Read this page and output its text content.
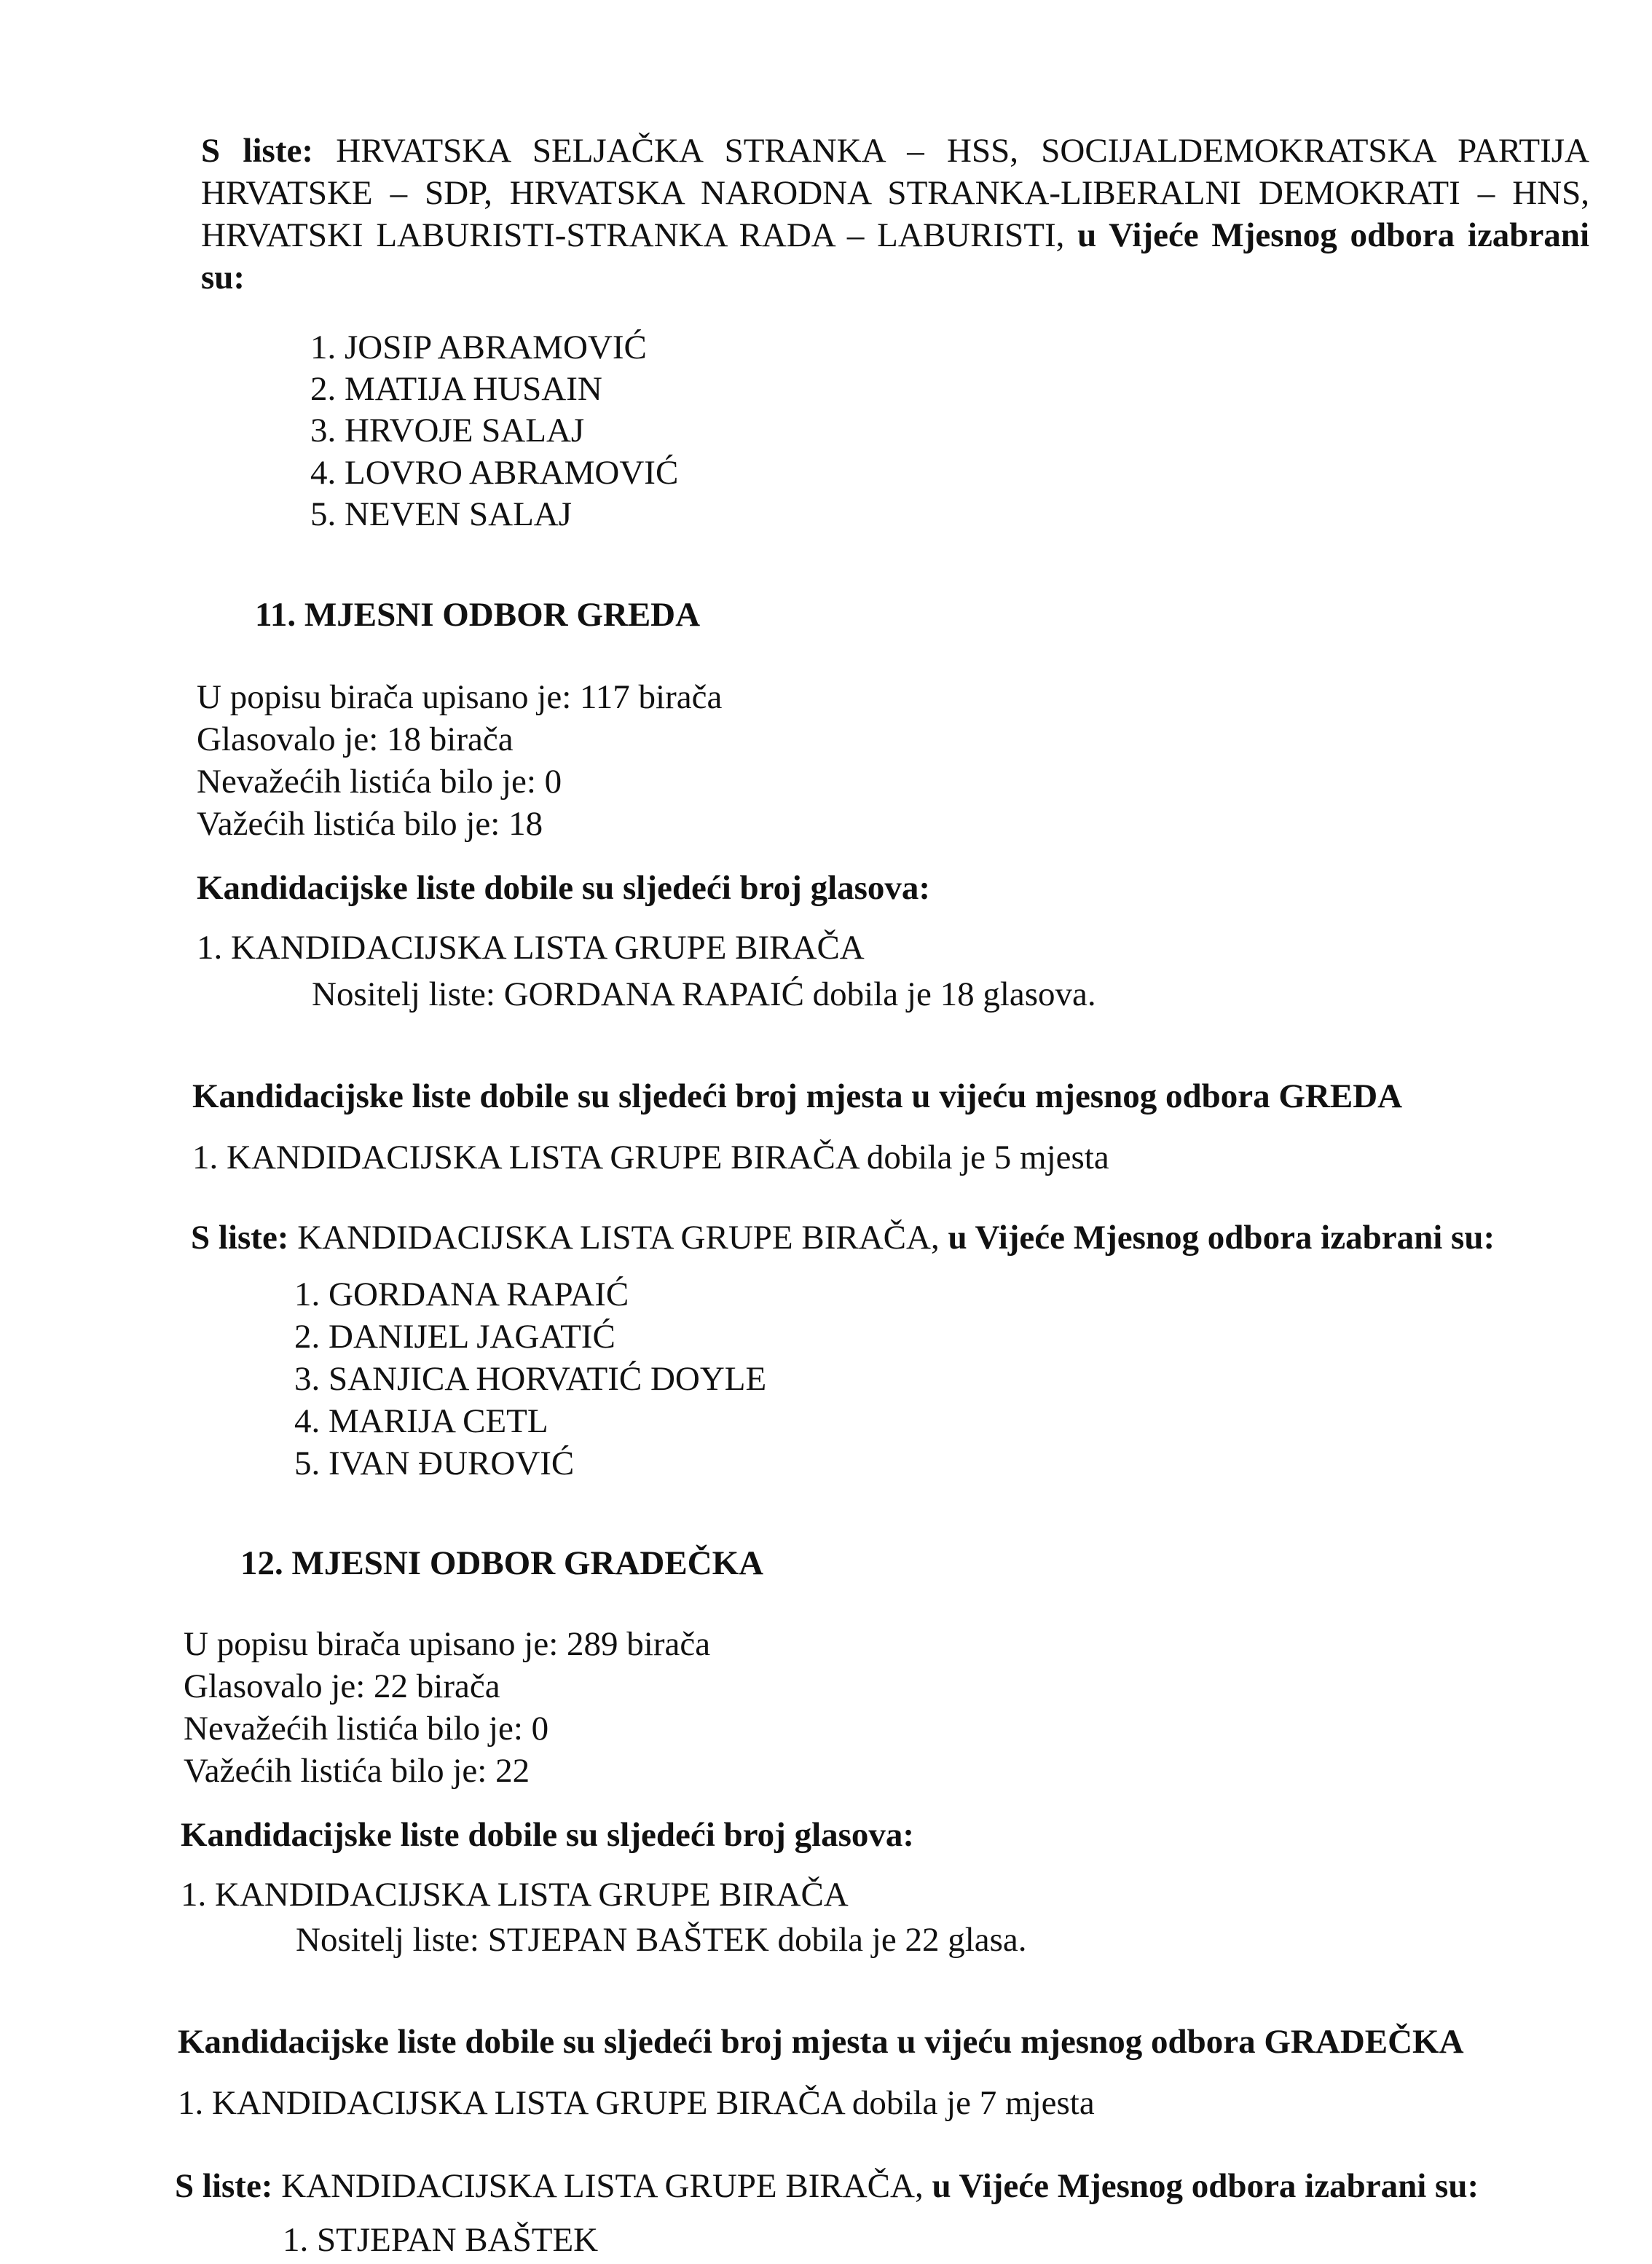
S liste: HRVATSKA SELJAČKA STRANKA – HSS, SOCIJALDEMOKRATSKA PARTIJA HRVATSKE – SDP, HRVATSKA NARODNA STRANKA-LIBERALNI DEMOKRATI – HNS, HRVATSKI LABURISTI-STRANKA RADA – LABURISTI, u Vijeće Mjesnog odbora izabrani su:

1. JOSIP ABRAMOVIĆ
2. MATIJA HUSAIN
3. HRVOJE SALAJ
4. LOVRO ABRAMOVIĆ
5. NEVEN SALAJ
11. MJESNI ODBOR GREDA
U popisu birača upisano je: 117 birača
Glasovalo je: 18 birača
Nevažećih listića bilo je: 0
Važećih listića bilo je: 18
Kandidacijske liste dobile su sljedeći broj glasova:
1. KANDIDACIJSKA LISTA GRUPE BIRAČA
Nositelj liste: GORDANA RAPAIĆ dobila je 18 glasova.
Kandidacijske liste dobile su sljedeći broj mjesta u vijeću mjesnog odbora GREDA
1. KANDIDACIJSKA LISTA GRUPE BIRAČA dobila je 5 mjesta
S liste: KANDIDACIJSKA LISTA GRUPE BIRAČA, u Vijeće Mjesnog odbora izabrani su:
1. GORDANA RAPAIĆ
2. DANIJEL JAGATIĆ
3. SANJICA HORVATIĆ DOYLE
4. MARIJA CETL
5. IVAN ĐUROVIĆ
12. MJESNI ODBOR GRADEČKA
U popisu birača upisano je: 289 birača
Glasovalo je: 22 birača
Nevažećih listića bilo je: 0
Važećih listića bilo je: 22
Kandidacijske liste dobile su sljedeći broj glasova:
1. KANDIDACIJSKA LISTA GRUPE BIRAČA
Nositelj liste: STJEPAN BAŠTEK dobila je 22 glasa.
Kandidacijske liste dobile su sljedeći broj mjesta u vijeću mjesnog odbora GRADEČKA
1. KANDIDACIJSKA LISTA GRUPE BIRAČA dobila je 7 mjesta
S liste: KANDIDACIJSKA LISTA GRUPE BIRAČA, u Vijeće Mjesnog odbora izabrani su:
1. STJEPAN BAŠTEK
